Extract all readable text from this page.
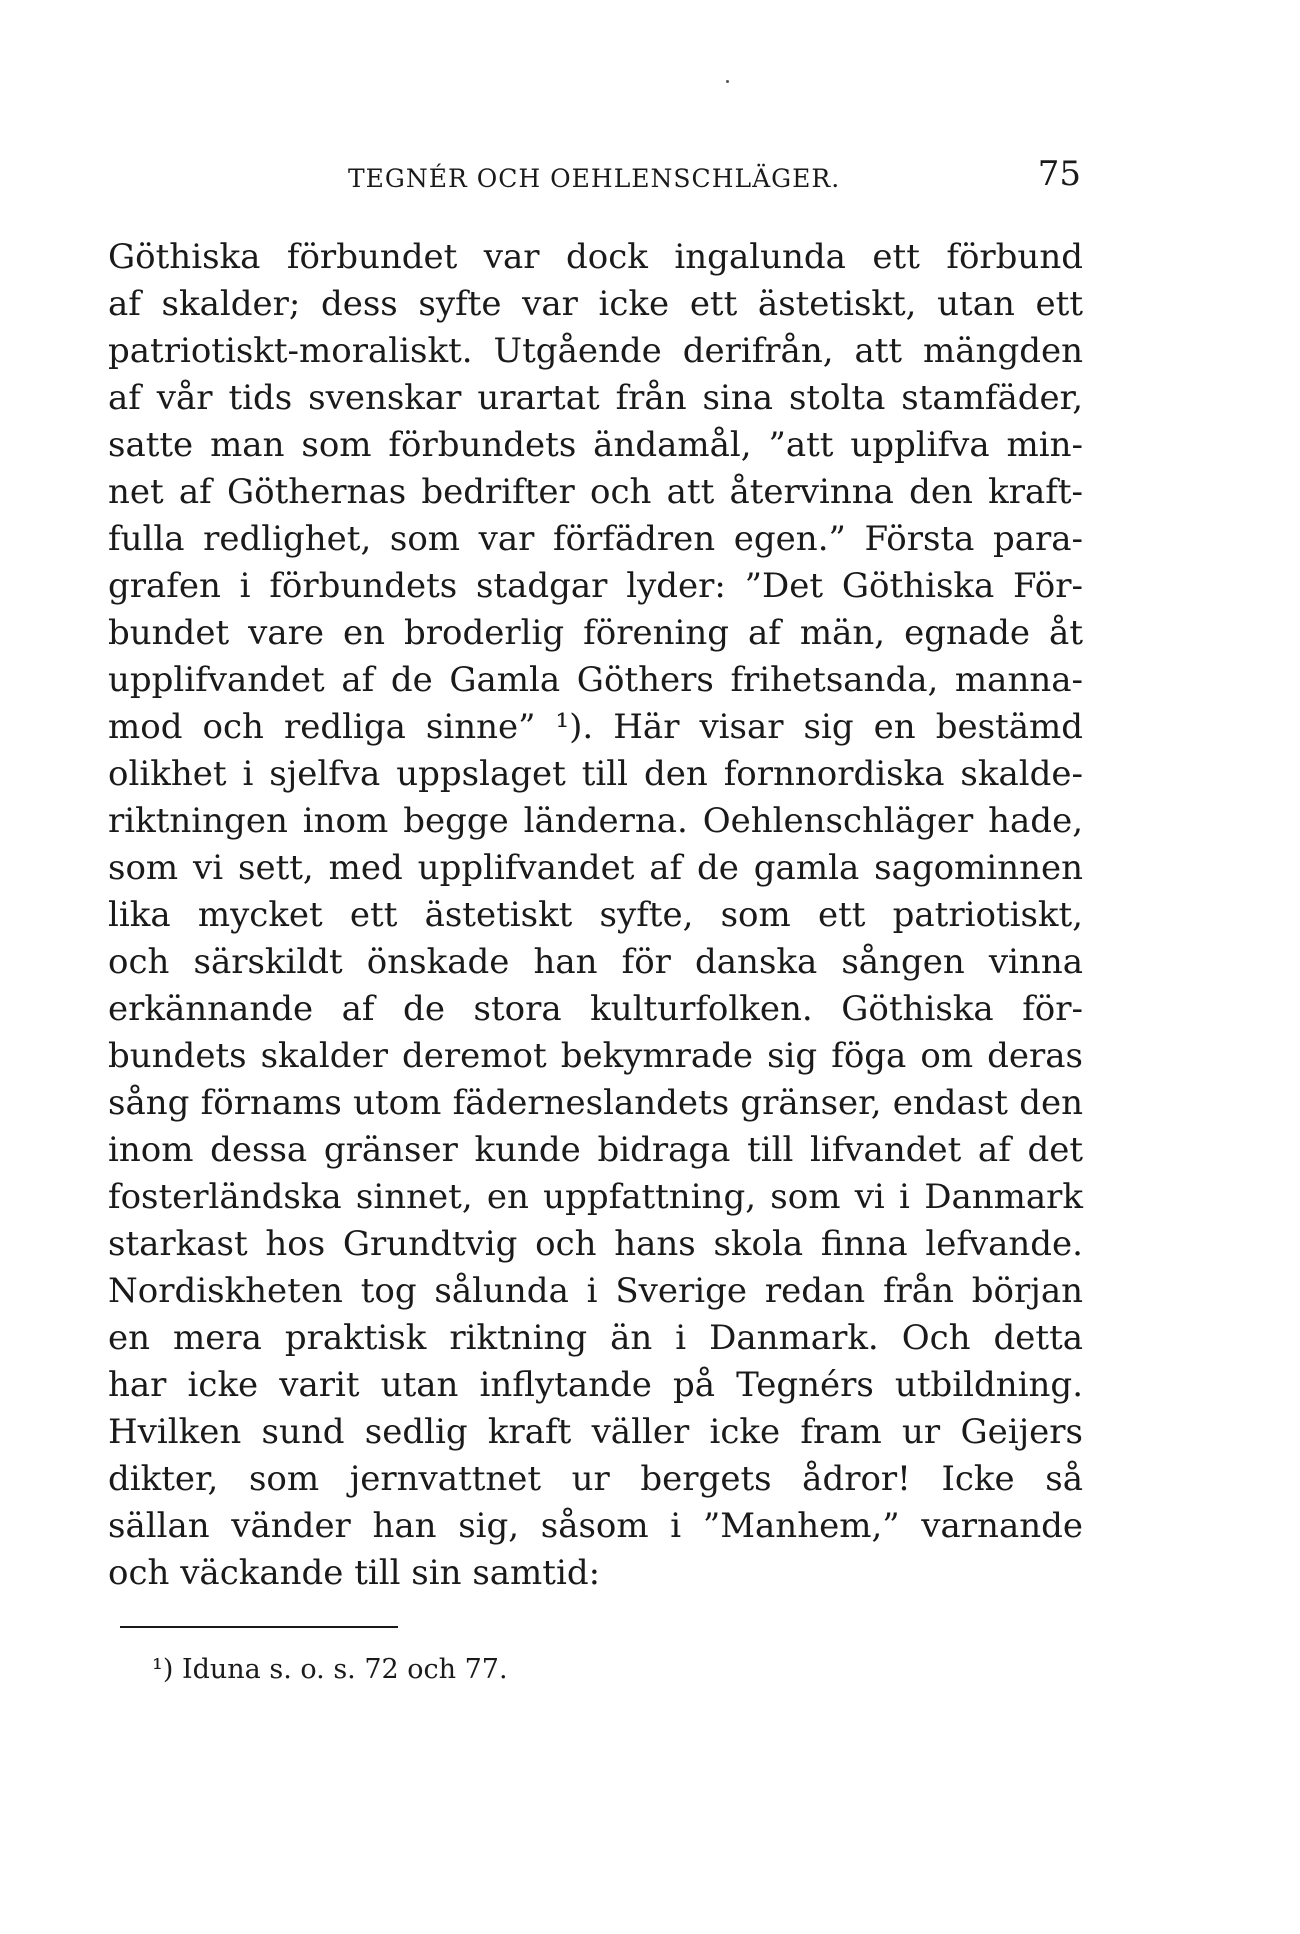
TEGNÉR OCH OEHLENSCHLÄGER.	75
Göthiska förbundet var dock ingalunda ett förbund
af skalder; dess syfte var icke ett ästetiskt, utan ett
patriotiskt-moraliskt. Utgående derifrån, att mängden
af vår tids svenskar urartat från sina stolta stamfäder,
satte man som förbundets ändamål, ”att upplifva min-
net af Göthernas bedrifter och att återvinna den kraft-
fulla redlighet, som var förfädren egen.” Första para-
grafen i förbundets stadgar lyder: ”Det Göthiska För-
bundet vare en broderlig förening af män, egnade åt
upplifvandet af de Gamla Göthers frihetsanda, manna-
mod och redliga sinne” ¹). Här visar sig en bestämd
olikhet i sjelfva uppslaget till den fornnordiska skalde-
riktningen inom begge länderna. Oehlenschläger hade,
som vi sett, med upplifvandet af de gamla sagominnen
lika mycket ett ästetiskt syfte, som ett patriotiskt,
och särskildt önskade han för danska sången vinna
erkännande af de stora kulturfolken. Göthiska för-
bundets skalder deremot bekymrade sig föga om deras
sång förnams utom fäderneslandets gränser, endast den
inom dessa gränser kunde bidraga till lifvandet af det
fosterländska sinnet, en uppfattning, som vi i Danmark
starkast hos Grundtvig och hans skola finna lefvande.
Nordiskheten tog sålunda i Sverige redan från början
en mera praktisk riktning än i Danmark. Och detta
har icke varit utan inflytande på Tegnérs utbildning.
Hvilken sund sedlig kraft väller icke fram ur Geijers
dikter, som jernvattnet ur bergets ådror! Icke så
sällan vänder han sig, såsom i ”Manhem,” varnande
och väckande till sin samtid:
¹) Iduna s. o. s. 72 och 77.
